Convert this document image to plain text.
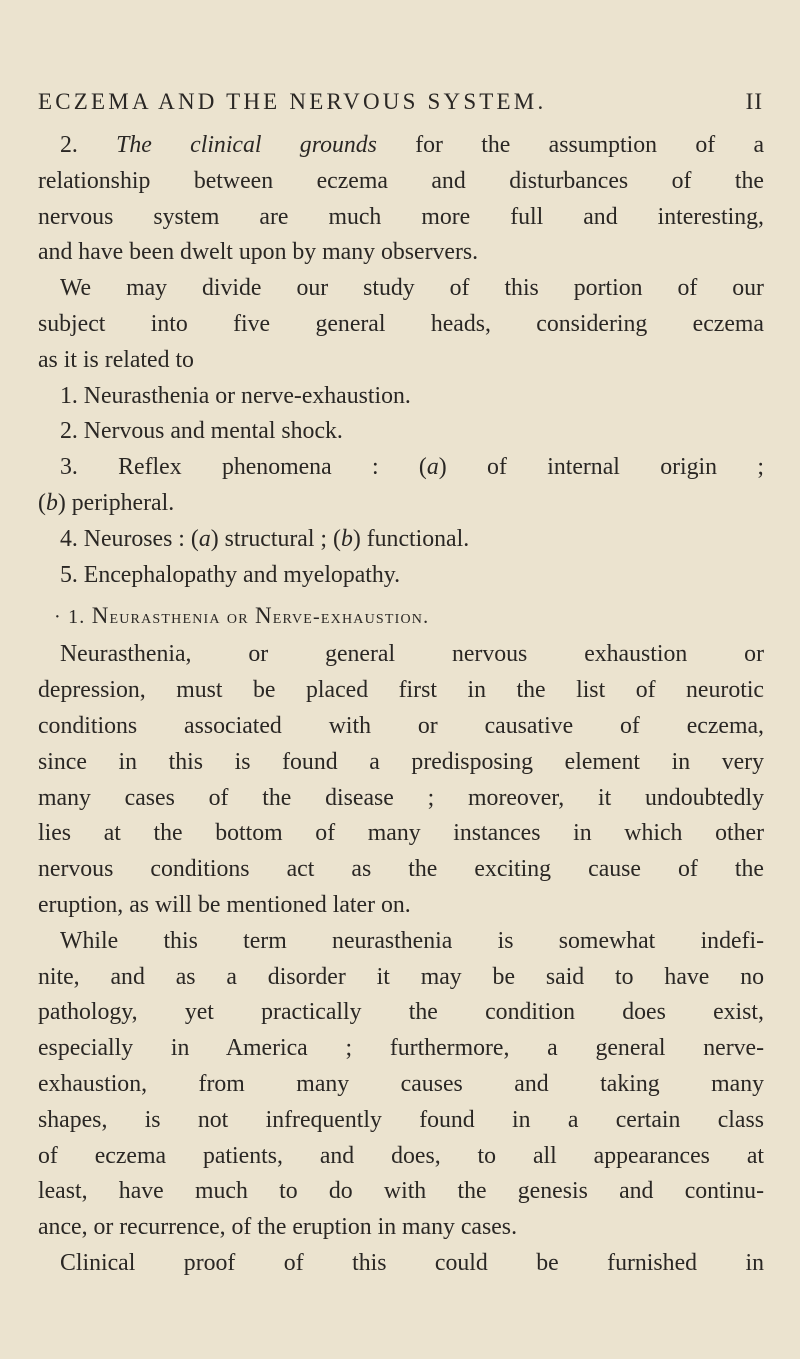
ECZEMA AND THE NERVOUS SYSTEM.	II
2. The clinical grounds for the assumption of a
relationship between eczema and disturbances of the
nervous system are much more full and interesting,
and have been dwelt upon by many observers.
We may divide our study of this portion of our
subject into five general heads, considering eczema
as it is related to
1. Neurasthenia or nerve-exhaustion.
2. Nervous and mental shock.
3. Reflex phenomena : (a) of internal origin ;
(b) peripheral.
4. Neuroses : (a) structural ; (b) functional.
5. Encephalopathy and myelopathy.
· 1. Neurasthenia or Nerve-exhaustion.
Neurasthenia, or general nervous exhaustion or
depression, must be placed first in the list of neurotic
conditions associated with or causative of eczema,
since in this is found a predisposing element in very
many cases of the disease ; moreover, it undoubtedly
lies at the bottom of many instances in which other
nervous conditions act as the exciting cause of the
eruption, as will be mentioned later on.
While this term neurasthenia is somewhat indefi-
nite, and as a disorder it may be said to have no
pathology, yet practically the condition does exist,
especially in America ; furthermore, a general nerve-
exhaustion, from many causes and taking many
shapes, is not infrequently found in a certain class
of eczema patients, and does, to all appearances at
least, have much to do with the genesis and continu-
ance, or recurrence, of the eruption in many cases.
Clinical proof of this could be furnished in
